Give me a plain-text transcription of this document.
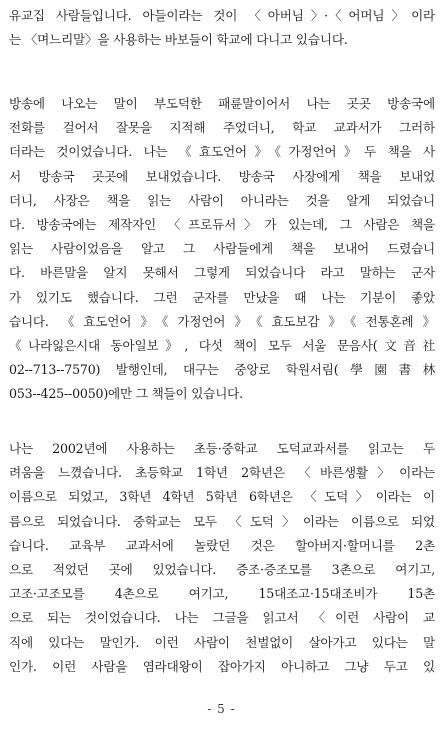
유교집 사람들입니다. 아들이라는 것이 〈아버님〉·〈어머님〉이라
는 〈며느리말〉을 사용하는 바보들이 학교에 다니고 있습니다.
방송에 나오는 말이 부도덕한 패륜말이어서 나는 곳곳 방송국에
전화를 걸어서 잘못을 지적해 주었더니, 학교 교과서가 그러하
더라는 것이었습니다. 나는 《효도언어》《가정언어》두 책을 사
서 방송국 곳곳에 보내었습니다. 방송국 사장에게 책을 보내었
더니, 사장은 책을 읽는 사람이 아니라는 것을 알게 되었습니
다. 방송국에는 제작자인 〈프로듀서〉가 있는데, 그 사람은 책을
읽는 사람이었음을 알고 그 사람들에게 책을 보내어 드렸습니
다. 바른말을 알지 못해서 그렇게 되었습니다 라고 말하는 군자
가 있기도 했습니다. 그런 군자를 만났을 때 나는 기분이 좋았
습니다. 《효도언어》《가정언어》《효도보감》《전통혼례》
《나라잃은시대 동아일보》, 다섯 책이 모두 서울 문음사(文音社
02--713--7570) 발행인데, 대구는 중앙로 학원서림(學園書林
053--425--0050)에만 그 책들이 있습니다.
나는 2002년에 사용하는 초등·중학교 도덕교과서를 읽고는 두
려움을 느꼈습니다. 초등학교 1학년 2학년은 〈바른생활〉이라는
이름으로 되었고, 3학년 4학년 5학년 6학년은 〈도덕〉이라는 이
름으로 되었습니다. 중학교는 모두 〈도덕〉이라는 이름으로 되었
습니다. 교육부 교과서에 놀랐던 것은 할아버지·할머니를 2촌
으로 적었던 곳에 있었습니다. 증조·증조모를 3촌으로 여기고,
고조·고조모를 4촌으로 여기고, 15대조고·15대조비가 15촌
으로 되는 것이었습니다. 나는 그글을 읽고서 〈이런 사람이 교
직에 있다는 말인가. 이런 사람이 천벌없이 살아가고 있다는 말
인가. 이런 사람을 염라대왕이 잡아가지 아니하고 그냥 두고 있
- 5 -
